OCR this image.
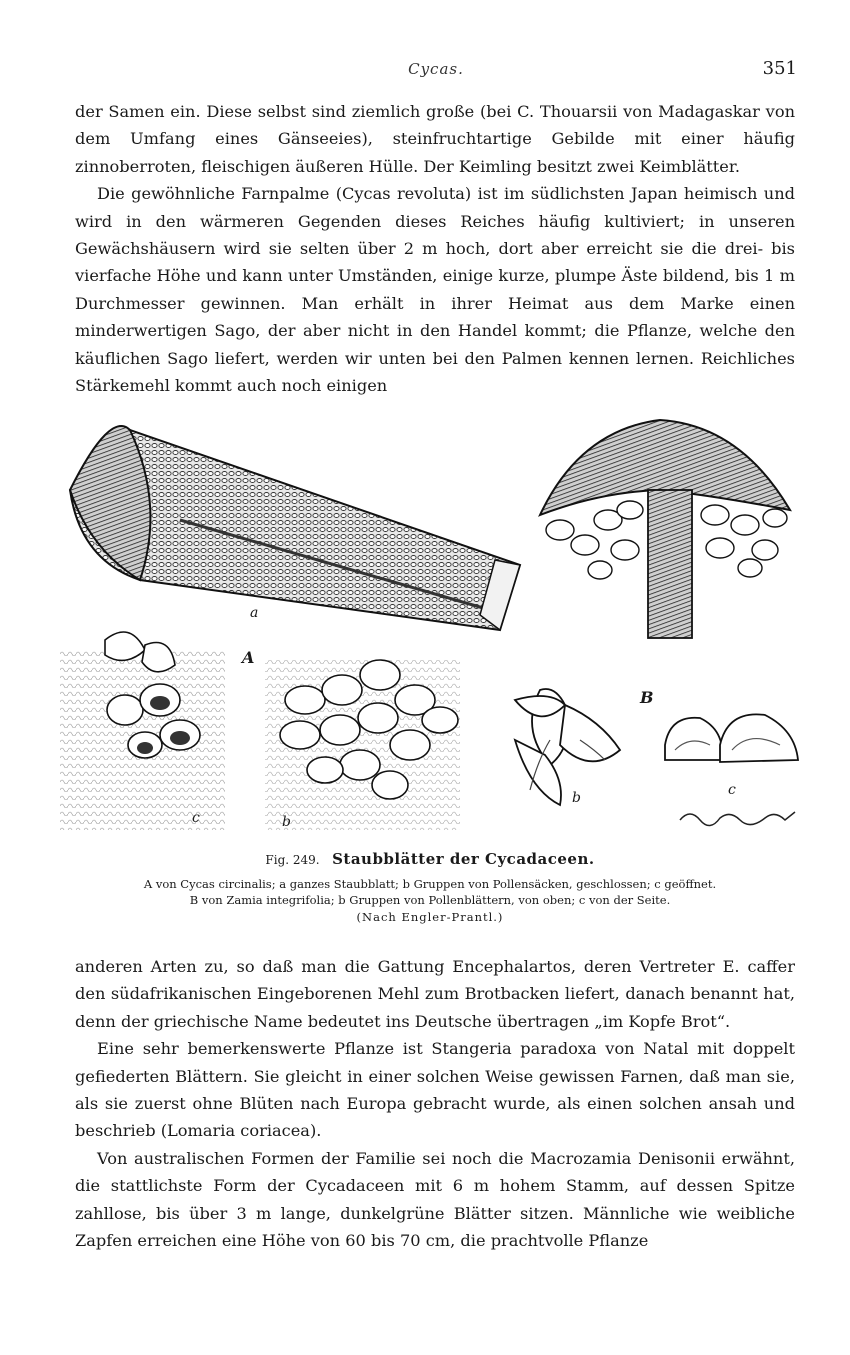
Cycas.	351

der Samen ein. Diese selbst sind ziemlich große (bei C. Thouarsii von Madagaskar von dem Umfang eines Gänseeies), steinfruchtartige Gebilde mit einer häufig zinnoberroten, fleischigen äußeren Hülle. Der Keimling besitzt zwei Keimblätter.

Die gewöhnliche Farnpalme (Cycas revoluta) ist im südlichsten Japan heimisch und wird in den wärmeren Gegenden dieses Reiches häufig kultiviert; in unseren Gewächshäusern wird sie selten über 2 m hoch, dort aber erreicht sie die drei- bis vierfache Höhe und kann unter Umständen, einige kurze, plumpe Äste bildend, bis 1 m Durchmesser gewinnen. Man erhält in ihrer Heimat aus dem Marke einen minderwertigen Sago, der aber nicht in den Handel kommt; die Pflanze, welche den käuflichen Sago liefert, werden wir unten bei den Palmen kennen lernen. Reichliches Stärkemehl kommt auch noch einigen

a
A
B
c	b
b	c
Fig. 249. Staubblätter der Cycadaceen.
A von Cycas circinalis; a ganzes Staubblatt; b Gruppen von Pollensäcken, geschlossen; c geöffnet.
B von Zamia integrifolia; b Gruppen von Pollenblättern, von oben; c von der Seite.
(Nach Engler-Prantl.)

anderen Arten zu, so daß man die Gattung Encephalartos, deren Vertreter E. caffer den südafrikanischen Eingeborenen Mehl zum Brotbacken liefert, danach benannt hat, denn der griechische Name bedeutet ins Deutsche übertragen „im Kopfe Brot“.

Eine sehr bemerkenswerte Pflanze ist Stangeria paradoxa von Natal mit doppelt gefiederten Blättern. Sie gleicht in einer solchen Weise gewissen Farnen, daß man sie, als sie zuerst ohne Blüten nach Europa gebracht wurde, als einen solchen ansah und beschrieb (Lomaria coriacea).

Von australischen Formen der Familie sei noch die Macrozamia Denisonii erwähnt, die stattlichste Form der Cycadaceen mit 6 m hohem Stamm, auf dessen Spitze zahllose, bis über 3 m lange, dunkelgrüne Blätter sitzen. Männliche wie weibliche Zapfen erreichen eine Höhe von 60 bis 70 cm, die prachtvolle Pflanze
